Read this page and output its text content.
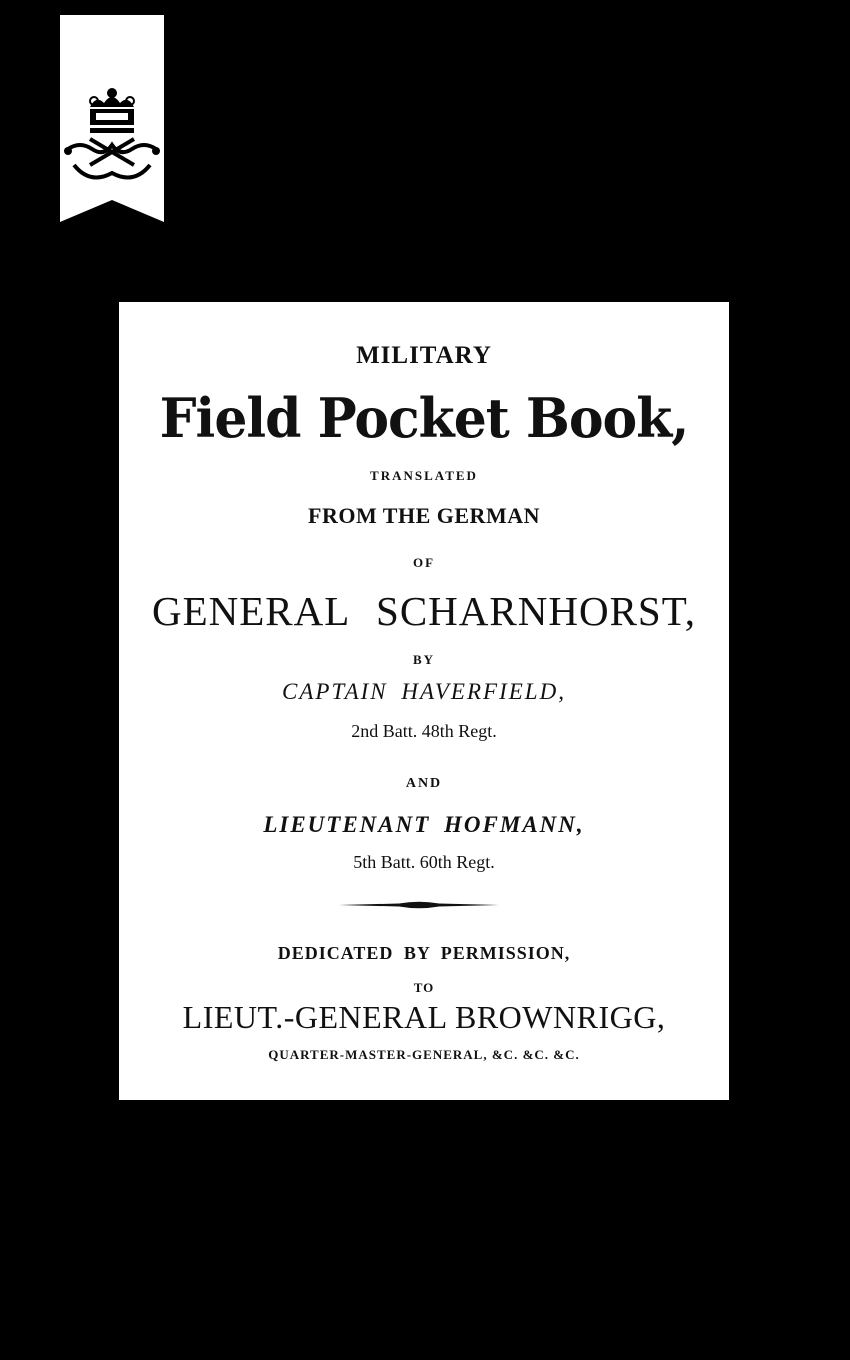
MILITARY
Field Pocket Book,
TRANSLATED
FROM THE GERMAN
OF
GENERAL SCHARNHORST,
BY
CAPTAIN HAVERFIELD,
2nd Batt. 48th Regt.
AND
LIEUTENANT HOFMANN,
5th Batt. 60th Regt.
DEDICATED BY PERMISSION,
TO
LIEUT.-GENERAL BROWNRIGG,
QUARTER-MASTER-GENERAL, &C. &C. &C.
